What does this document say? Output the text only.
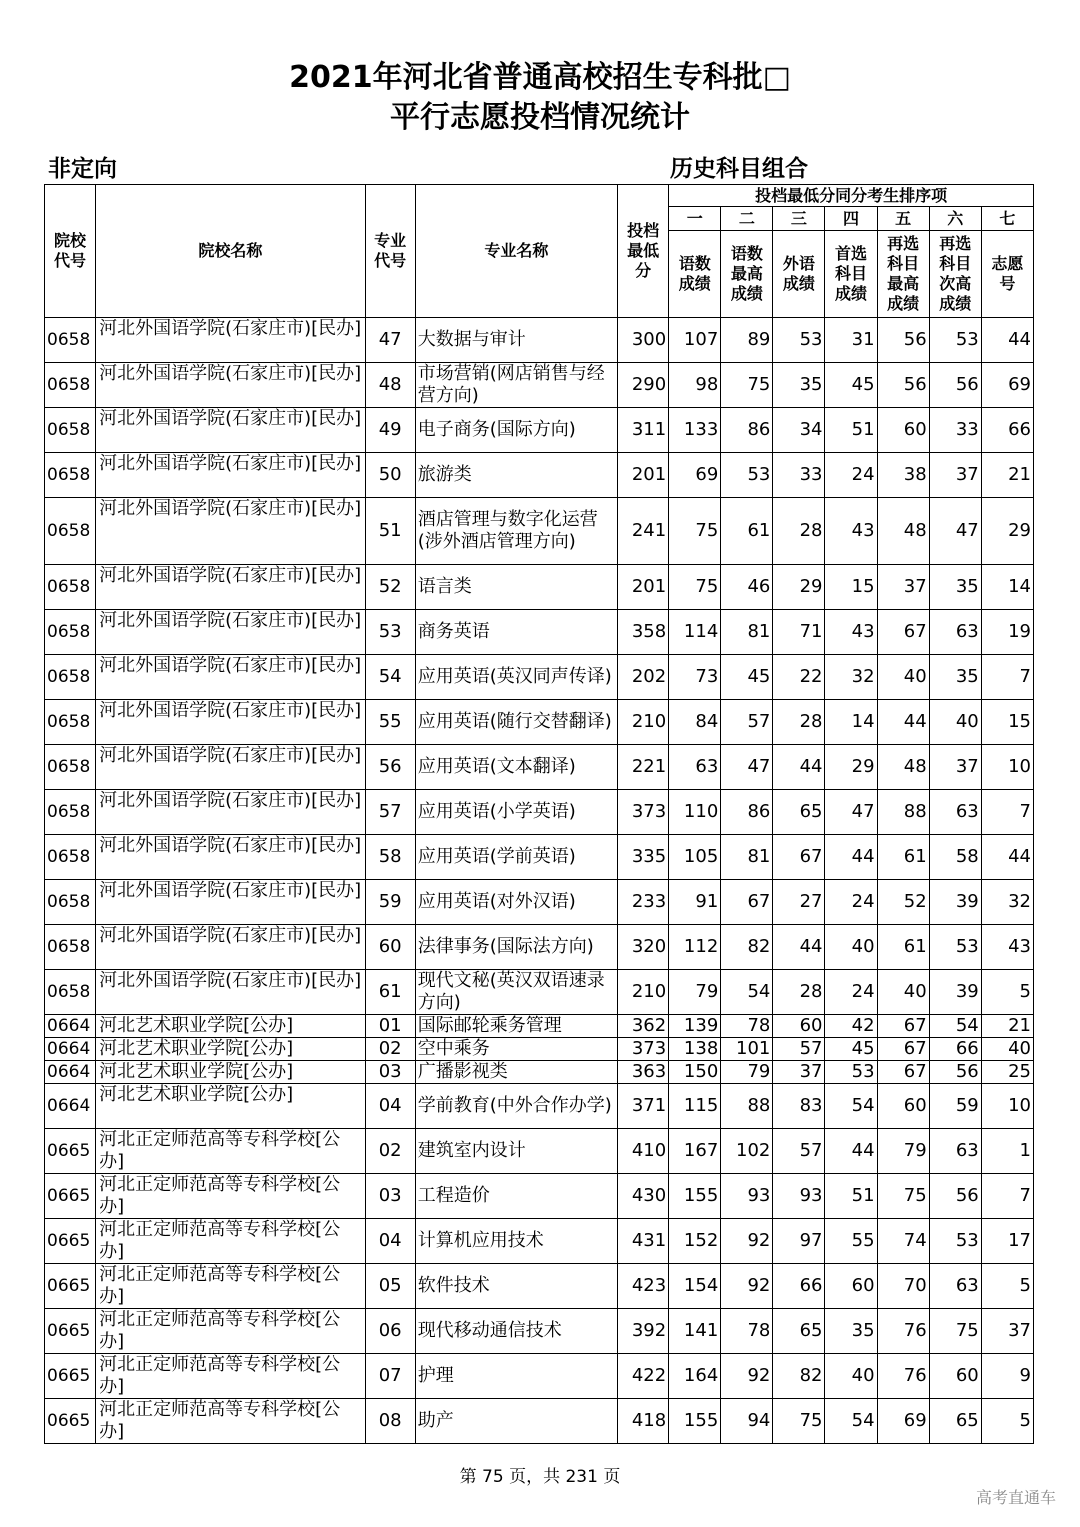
2021年河北省普通高校招生专科批□
平行志愿投档情况统计
非定向	历史科目组合
院校代号	院校名称	专业代号	专业名称	投档最低分	投档最低分同分考生排序项						
					一	二	三	四	五	六	七
					语数成绩	语数最高成绩	外语成绩	首选科目成绩	再选科目最高成绩	再选科目次高成绩	志愿号
0658	河北外国语学院(石家庄市)[民办]	47	大数据与审计	300	107	89	53	31	56	53	44
0658	河北外国语学院(石家庄市)[民办]	48	市场营销(网店销售与经营方向)	290	98	75	35	45	56	56	69
0658	河北外国语学院(石家庄市)[民办]	49	电子商务(国际方向)	311	133	86	34	51	60	33	66
0658	河北外国语学院(石家庄市)[民办]	50	旅游类	201	69	53	33	24	38	37	21
0658	河北外国语学院(石家庄市)[民办]	51	酒店管理与数字化运营(涉外酒店管理方向)	241	75	61	28	43	48	47	29
0658	河北外国语学院(石家庄市)[民办]	52	语言类	201	75	46	29	15	37	35	14
0658	河北外国语学院(石家庄市)[民办]	53	商务英语	358	114	81	71	43	67	63	19
0658	河北外国语学院(石家庄市)[民办]	54	应用英语(英汉同声传译)	202	73	45	22	32	40	35	7
0658	河北外国语学院(石家庄市)[民办]	55	应用英语(随行交替翻译)	210	84	57	28	14	44	40	15
0658	河北外国语学院(石家庄市)[民办]	56	应用英语(文本翻译)	221	63	47	44	29	48	37	10
0658	河北外国语学院(石家庄市)[民办]	57	应用英语(小学英语)	373	110	86	65	47	88	63	7
0658	河北外国语学院(石家庄市)[民办]	58	应用英语(学前英语)	335	105	81	67	44	61	58	44
0658	河北外国语学院(石家庄市)[民办]	59	应用英语(对外汉语)	233	91	67	27	24	52	39	32
0658	河北外国语学院(石家庄市)[民办]	60	法律事务(国际法方向)	320	112	82	44	40	61	53	43
0658	河北外国语学院(石家庄市)[民办]	61	现代文秘(英汉双语速录方向)	210	79	54	28	24	40	39	5
0664	河北艺术职业学院[公办]	01	国际邮轮乘务管理	362	139	78	60	42	67	54	21
0664	河北艺术职业学院[公办]	02	空中乘务	373	138	101	57	45	67	66	40
0664	河北艺术职业学院[公办]	03	广播影视类	363	150	79	37	53	67	56	25
0664	河北艺术职业学院[公办]	04	学前教育(中外合作办学)	371	115	88	83	54	60	59	10
0665	河北正定师范高等专科学校[公办]	02	建筑室内设计	410	167	102	57	44	79	63	1
0665	河北正定师范高等专科学校[公办]	03	工程造价	430	155	93	93	51	75	56	7
0665	河北正定师范高等专科学校[公办]	04	计算机应用技术	431	152	92	97	55	74	53	17
0665	河北正定师范高等专科学校[公办]	05	软件技术	423	154	92	66	60	70	63	5
0665	河北正定师范高等专科学校[公办]	06	现代移动通信技术	392	141	78	65	35	76	75	37
0665	河北正定师范高等专科学校[公办]	07	护理	422	164	92	82	40	76	60	9
0665	河北正定师范高等专科学校[公办]	08	助产	418	155	94	75	54	69	65	5
第 75 页，共 231 页
高考直通车
